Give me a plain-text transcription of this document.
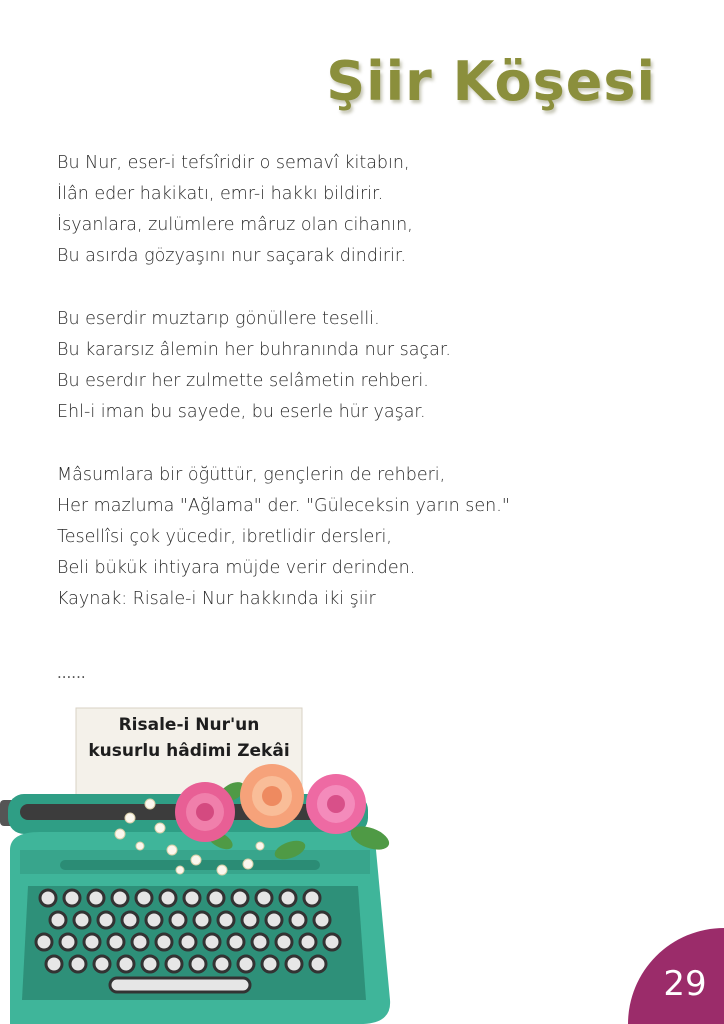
Şiir Köşesi
Bu Nur, eser-i tefsîridir o semavî kitabın,
İlân eder hakikatı, emr-i hakkı bildirir.
İsyanlara, zulümlere mâruz olan cihanın,
Bu asırda gözyaşını nur saçarak dindirir.
Bu eserdir muztarıp gönüllere teselli.
Bu kararsız âlemin her buhranında nur saçar.
Bu eserdır her zulmette selâmetin rehberi.
Ehl-i iman bu sayede, bu eserle hür yaşar.
Mâsumlara bir öğüttür, gençlerin de rehberi,
Her mazluma "Ağlama" der. "Güleceksin yarın sen."
Tesellîsi çok yücedir, ibretlidir dersleri,
Beli bükük ihtiyara müjde verir derinden.
Kaynak: Risale-i Nur hakkında iki şiir
......
Risale-i Nur'un
kusurlu hâdimi Zekâi
29
